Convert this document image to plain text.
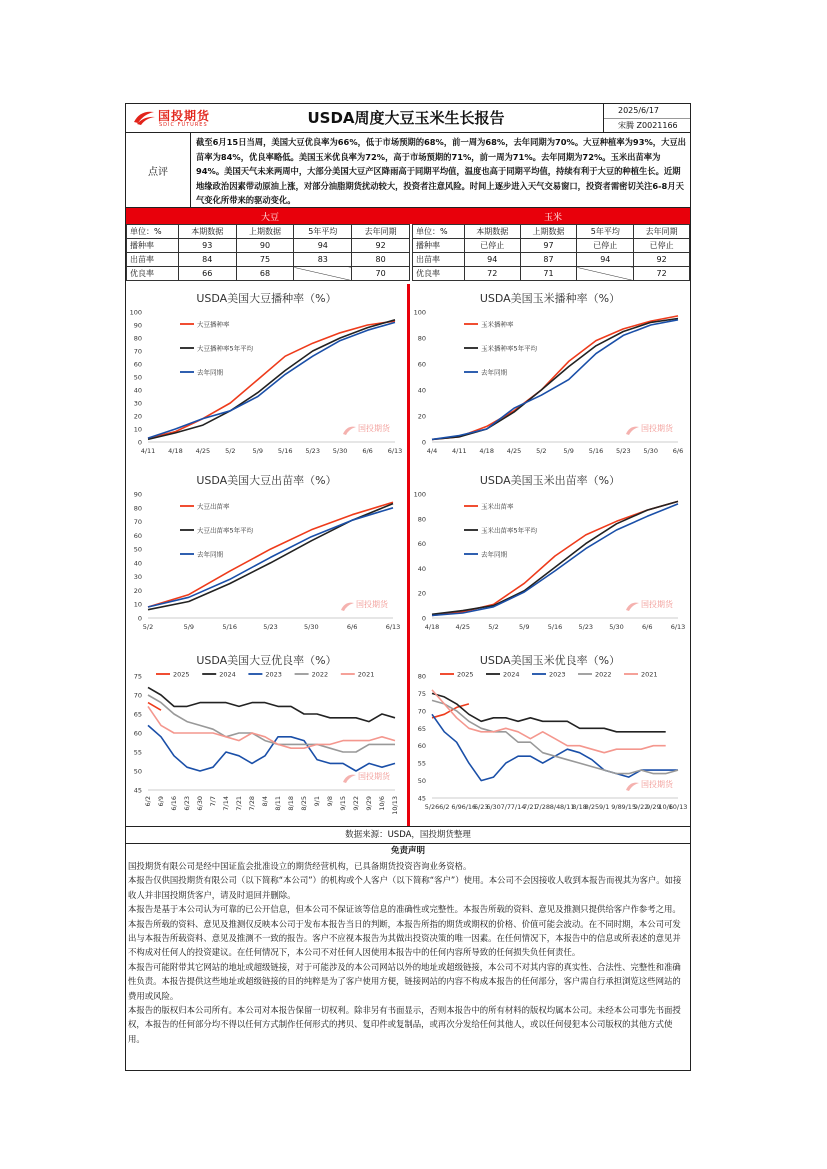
国投期货
SDIC FUTURES	USDA周度大豆玉米生长报告	2025/6/17
宋腾 Z0021166
点评
截至6月15日当周，美国大豆优良率为66%，低于市场预期的68%，前一周为68%，去年同期为70%。大豆种植率为93%，大豆出苗率为84%，优良率略低。美国玉米优良率为72%，高于市场预期的71%，前一周为71%。去年同期为72%。玉米出苗率为94%。美国天气未来两周中，大部分美国大豆产区降雨高于同期平均值，温度也高于同期平均值，持续有利于大豆的种植生长。近期地缘政治因素带动原油上涨，对部分油脂期货扰动较大，投资者注意风险。时间上逐步进入天气交易窗口，投资者需密切关注6-8月天气变化所带来的驱动变化。
大豆	玉米
单位：%	本期数据	上期数据	5年平均	去年同期
播种率	93	90	94	92
出苗率	84	75	83	80
优良率	66	68		70
单位：%	本期数据	上期数据	5年平均	去年同期
播种率	已停止	97	已停止	已停止
出苗率	94	87	94	92
优良率	72	71		72
USDA美国大豆播种率（%）
0
10
20
30
40
50
60
70
80
90
100
4/11 4/18 4/25 5/2	5/9 5/16 5/23 5/30 6/6 6/13
国投期货
大豆播种率
大豆播种率5年平均
去年同期
USDA美国玉米播种率（%）
0
20
40
60
80
100
4/4 4/11 4/18 4/25 5/2	5/9 5/16 5/23 5/30 6/6
国投期货
玉米播种率
玉米播种率5年平均
去年同期
USDA美国大豆出苗率（%）
0
10
20
30
40
50
60
70
80
90
5/2	5/9	5/16	5/23	5/30	6/6	6/13
国投期货
大豆出苗率
大豆出苗率5年平均
去年同期
USDA美国玉米出苗率（%）
0
20
40
60
80
100
4/18 4/25	5/2	5/9	5/16 5/23 5/30	6/6	6/13
国投期货
玉米出苗率
玉米出苗率5年平均
去年同期
USDA美国大豆优良率（%）
45
50
55
60
65
70
75
6/2 6/9 6/16 6/23 6/30 7/7 7/14 7/21 7/28 8/4 8/11 8/18 8/25 9/1 9/8 9/15 9/22 9/29 10/6 10/13
国投期货
2025	2024	2023	2022	2021
USDA美国玉米优良率（%）
45
50
55
60
65
70
75
80
5/26 6/2 6/9 6/16
6/23
6/30 7/7 7/14
7/21
7/28 8/4 8/11
8/18
8/25 9/1 9/8 9/15
9/22
9/29
10/6
10/13
国投期货
2025	2024	2023	2022	2021
数据来源：USDA，国投期货整理
免责声明

国投期货有限公司是经中国证监会批准设立的期货经营机构，已具备期货投资咨询业务资格。

本报告仅供国投期货有限公司（以下简称“本公司”）的机构或个人客户（以下简称“客户”）使用。本公司不会因接收人收到本报告而视其为客户。如接收人并非国投期货客户，请及时退回并删除。

本报告是基于本公司认为可靠的已公开信息，但本公司不保证该等信息的准确性或完整性。本报告所载的资料、意见及推测只提供给客户作参考之用。本报告所载的资料、意见及推测仅反映本公司于发布本报告当日的判断，本报告所指的期货或期权的价格、价值可能会波动。在不同时期，本公司可发出与本报告所载资料、意见及推测不一致的报告。客户不应视本报告为其做出投资决策的唯一因素。在任何情况下，本报告中的信息或所表述的意见并不构成对任何人的投资建议。在任何情况下，本公司不对任何人因使用本报告中的任何内容所导致的任何损失负任何责任。

本报告可能附带其它网站的地址或超级链接，对于可能涉及的本公司网站以外的地址或超级链接，本公司不对其内容的真实性、合法性、完整性和准确性负责。本报告提供这些地址或超级链接的目的纯粹是为了客户使用方便，链接网站的内容不构成本报告的任何部分，客户需自行承担浏览这些网站的费用或风险。

本报告的版权归本公司所有。本公司对本报告保留一切权利。除非另有书面显示，否则本报告中的所有材料的版权均属本公司。未经本公司事先书面授权，本报告的任何部分均不得以任何方式制作任何形式的拷贝、复印件或复制品，或再次分发给任何其他人，或以任何侵犯本公司版权的其他方式使用。
